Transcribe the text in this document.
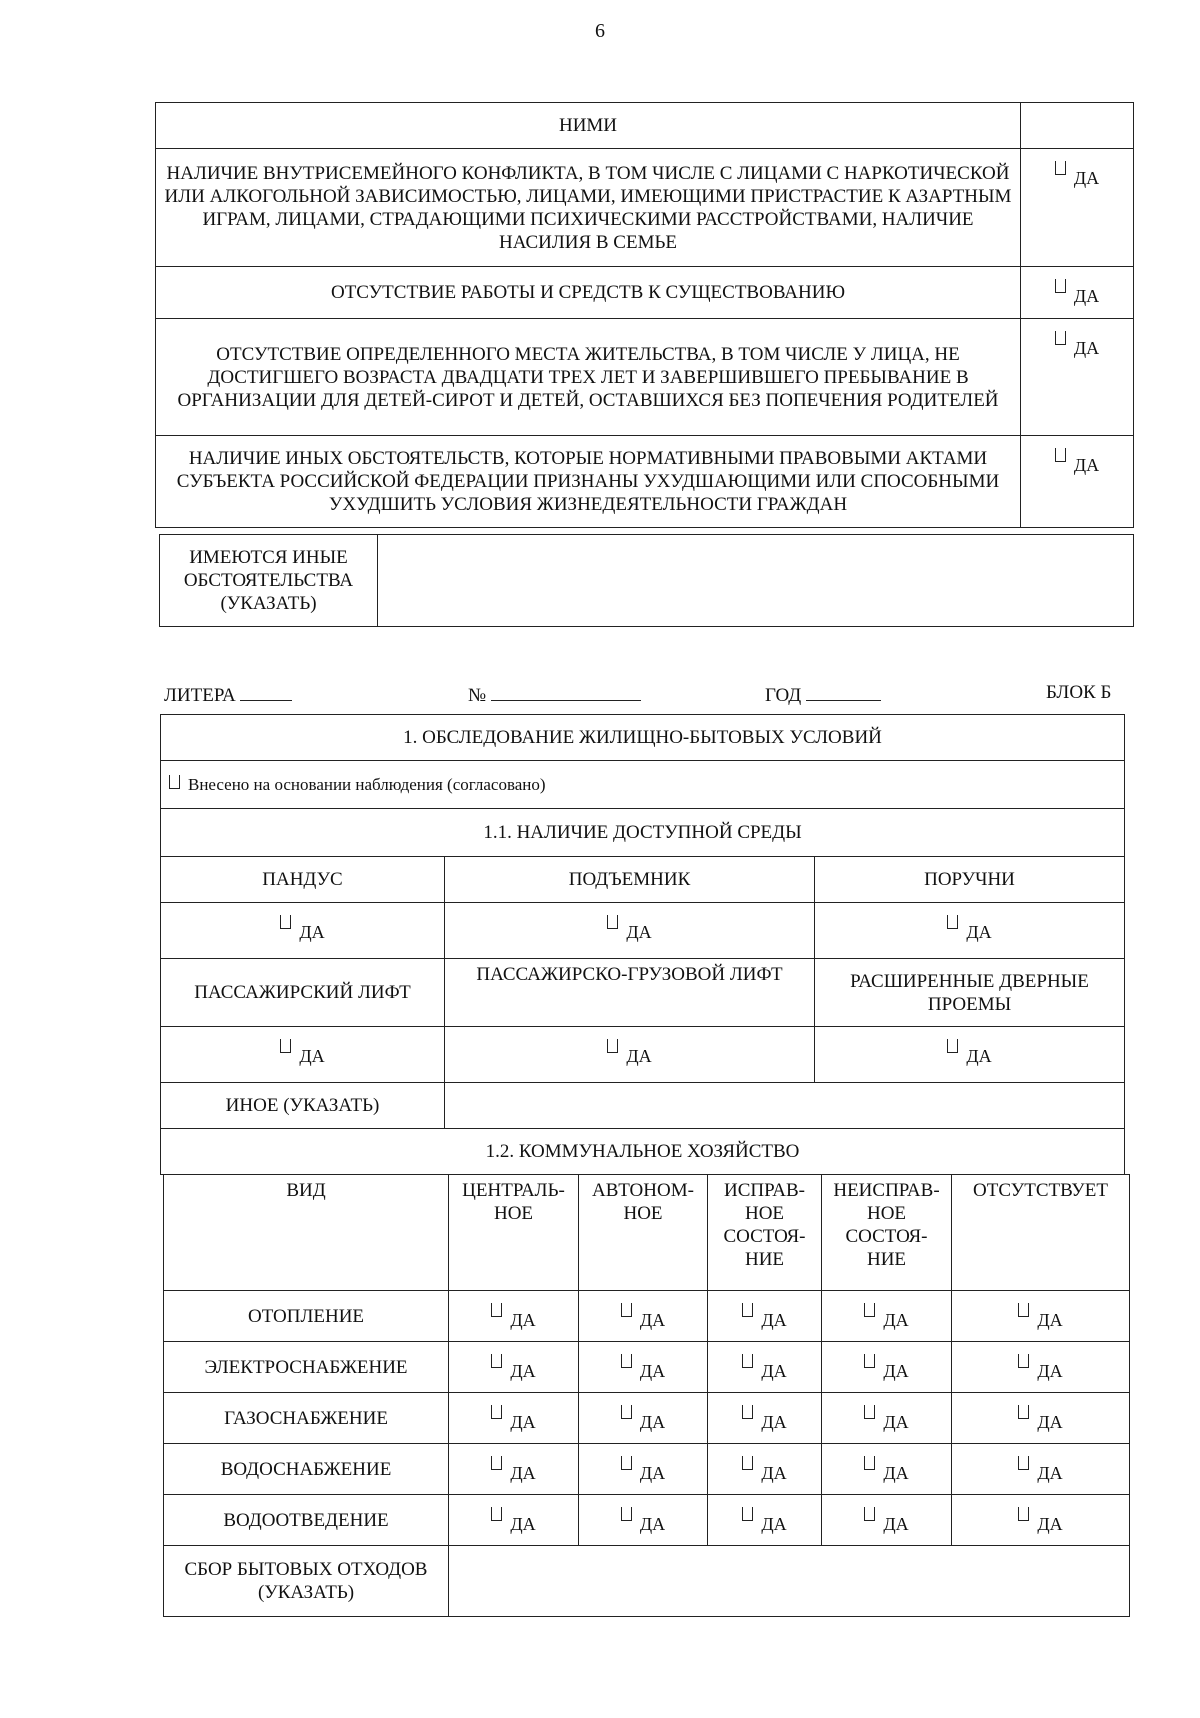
6
НИМИ	
НАЛИЧИЕ ВНУТРИСЕМЕЙНОГО КОНФЛИКТА, В ТОМ ЧИСЛЕ С ЛИЦАМИ С НАРКОТИЧЕСКОЙ ИЛИ АЛКОГОЛЬНОЙ ЗАВИСИМОСТЬЮ, ЛИЦАМИ, ИМЕЮЩИМИ ПРИСТРАСТИЕ К АЗАРТНЫМ ИГРАМ, ЛИЦАМИ, СТРАДАЮЩИМИ ПСИХИЧЕСКИМИ РАССТРОЙСТВАМИ, НАЛИЧИЕ НАСИЛИЯ В СЕМЬЕ	ДА
ОТСУТСТВИЕ РАБОТЫ И СРЕДСТВ К СУЩЕСТВОВАНИЮ	ДА
ОТСУТСТВИЕ ОПРЕДЕЛЕННОГО МЕСТА ЖИТЕЛЬСТВА, В ТОМ ЧИСЛЕ У ЛИЦА, НЕ ДОСТИГШЕГО ВОЗРАСТА ДВАДЦАТИ ТРЕХ ЛЕТ И ЗАВЕРШИВШЕГО ПРЕБЫВАНИЕ В ОРГАНИЗАЦИИ ДЛЯ ДЕТЕЙ-СИРОТ И ДЕТЕЙ, ОСТАВШИХСЯ БЕЗ ПОПЕЧЕНИЯ РОДИТЕЛЕЙ	ДА
НАЛИЧИЕ ИНЫХ ОБСТОЯТЕЛЬСТВ, КОТОРЫЕ НОРМАТИВНЫМИ ПРАВОВЫМИ АКТАМИ СУБЪЕКТА РОССИЙСКОЙ ФЕДЕРАЦИИ ПРИЗНАНЫ УХУДШАЮЩИМИ ИЛИ СПОСОБНЫМИ УХУДШИТЬ УСЛОВИЯ ЖИЗНЕДЕЯТЕЛЬНОСТИ ГРАЖДАН	ДА
ИМЕЮТСЯ ИНЫЕ ОБСТОЯТЕЛЬСТВА (УКАЗАТЬ)	
ЛИТЕРА	№	ГОД	БЛОК Б
1. ОБСЛЕДОВАНИЕ ЖИЛИЩНО-БЫТОВЫХ УСЛОВИЙ		
Внесено на основании наблюдения (согласовано)		
1.1. НАЛИЧИЕ ДОСТУПНОЙ СРЕДЫ		
ПАНДУС	ПОДЪЕМНИК	ПОРУЧНИ
ДА	ДА	ДА
ПАССАЖИРСКИЙ ЛИФТ	ПАССАЖИРСКО-ГРУЗОВОЙ ЛИФТ	РАСШИРЕННЫЕ ДВЕРНЫЕ ПРОЕМЫ
ДА	ДА	ДА
ИНОЕ (УКАЗАТЬ)		
1.2. КОММУНАЛЬНОЕ ХОЗЯЙСТВО		
ВИД	ЦЕНТРАЛЬ-НОЕ	АВТОНОМ-НОЕ	ИСПРАВ-НОЕ СОСТОЯ-НИЕ	НЕИСПРАВ-НОЕ СОСТОЯ-НИЕ	ОТСУТСТВУЕТ
ОТОПЛЕНИЕ	ДА	ДА	ДА	ДА	ДА
ЭЛЕКТРОСНАБЖЕНИЕ	ДА	ДА	ДА	ДА	ДА
ГАЗОСНАБЖЕНИЕ	ДА	ДА	ДА	ДА	ДА
ВОДОСНАБЖЕНИЕ	ДА	ДА	ДА	ДА	ДА
ВОДООТВЕДЕНИЕ	ДА	ДА	ДА	ДА	ДА
СБОР БЫТОВЫХ ОТХОДОВ (УКАЗАТЬ)					
